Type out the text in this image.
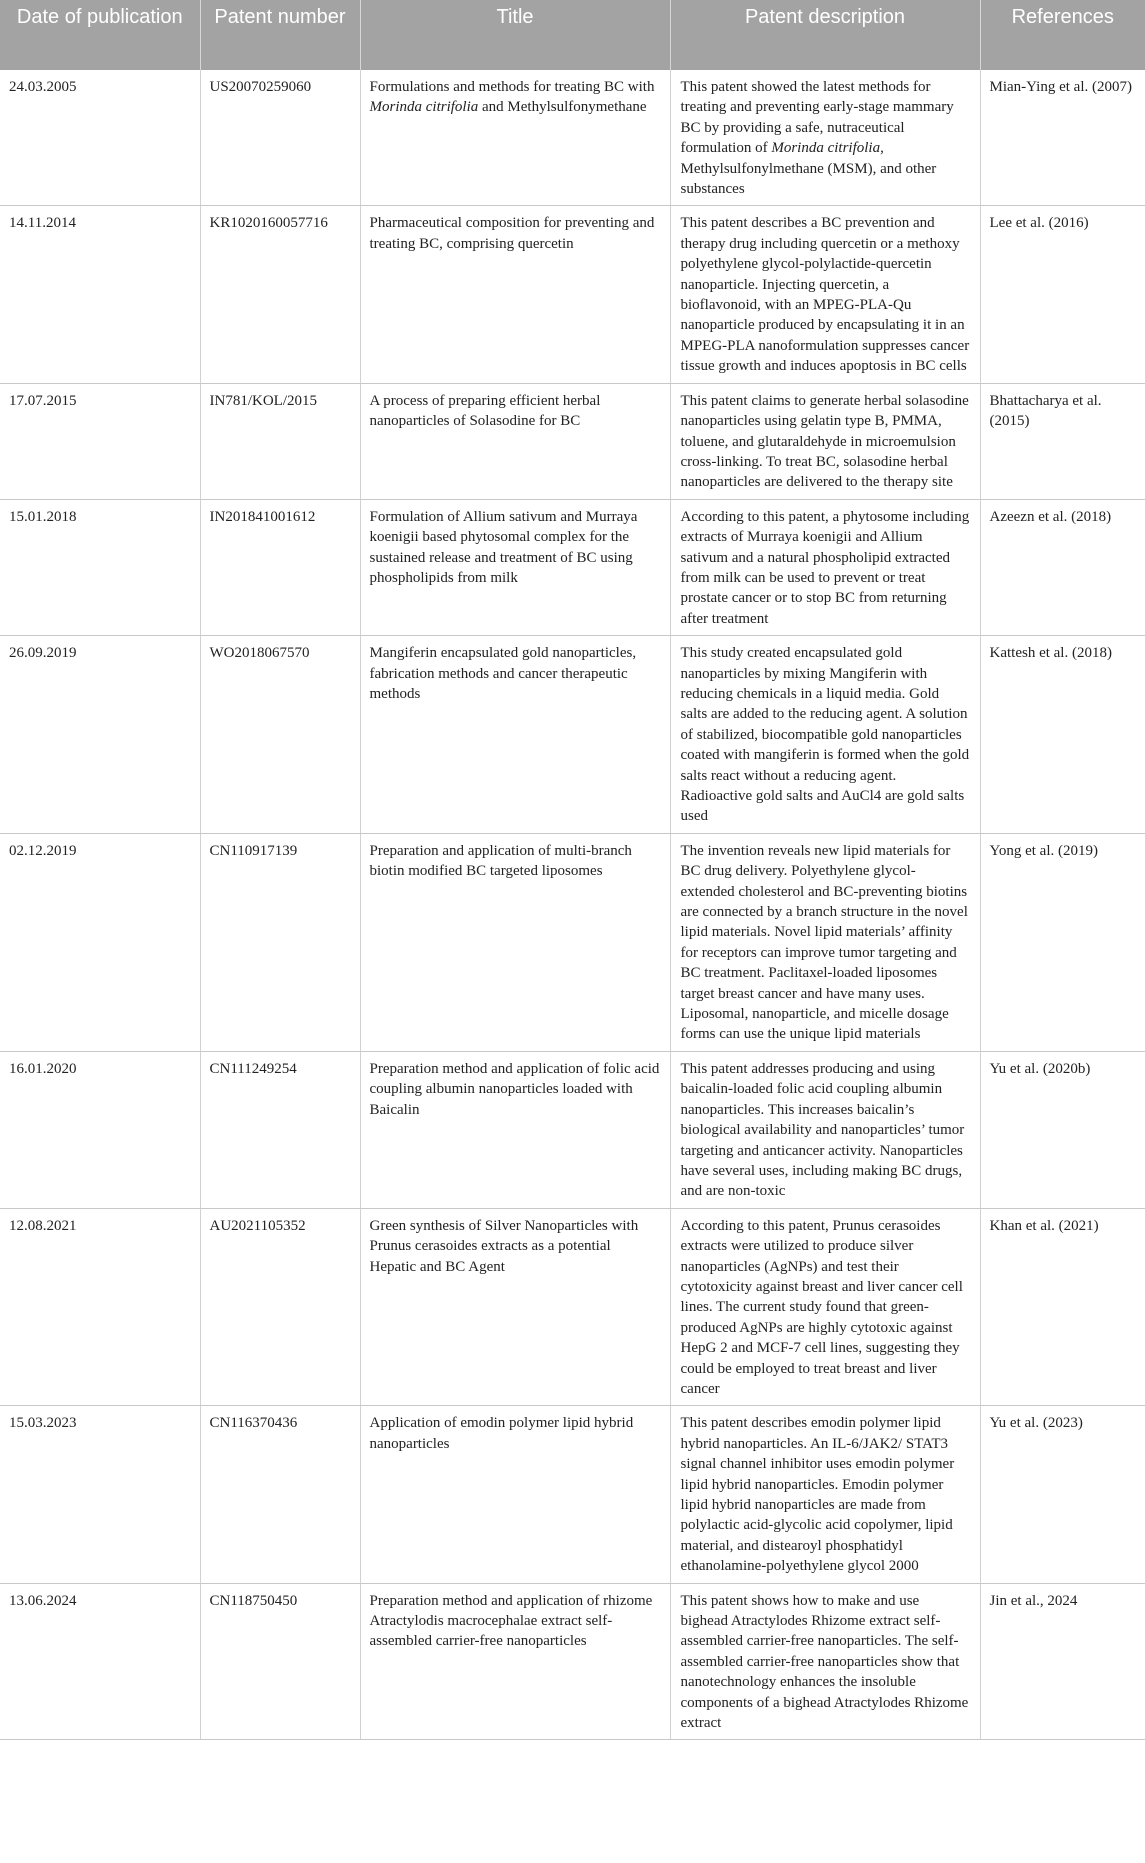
Date of publication	Patent number	Title	Patent description	References
24.03.2005	US20070259060	Formulations and methods for treating BC with Morinda citrifolia and Methylsulfonymethane	This patent showed the latest methods for treating and preventing early-stage mammary BC by providing a safe, nutraceutical formulation of Morinda citrifolia, Methylsulfonylmethane (MSM), and other substances	Mian-Ying et al. (2007)
14.11.2014	KR1020160057716	Pharmaceutical composition for preventing and treating BC, comprising quercetin	This patent describes a BC prevention and therapy drug including quercetin or a methoxy polyethylene glycol-polylactide-quercetin nanoparticle. Injecting quercetin, a bioflavonoid, with an MPEG-PLA-Qu nanoparticle produced by encapsulating it in an MPEG-PLA nanoformulation suppresses cancer tissue growth and induces apoptosis in BC cells	Lee et al. (2016)
17.07.2015	IN781/KOL/2015	A process of preparing efficient herbal nanoparticles of Solasodine for BC	This patent claims to generate herbal solasodine nanoparticles using gelatin type B, PMMA, toluene, and glutaraldehyde in microemulsion cross-linking. To treat BC, solasodine herbal nanoparticles are delivered to the therapy site	Bhattacharya et al. (2015)
15.01.2018	IN201841001612	Formulation of Allium sativum and Murraya koenigii based phytosomal complex for the sustained release and treatment of BC using phospholipids from milk	According to this patent, a phytosome including extracts of Murraya koenigii and Allium sativum and a natural phospholipid extracted from milk can be used to prevent or treat prostate cancer or to stop BC from returning after treatment	Azeezn et al. (2018)
26.09.2019	WO2018067570	Mangiferin encapsulated gold nanoparticles, fabrication methods and cancer therapeutic methods	This study created encapsulated gold nanoparticles by mixing Mangiferin with reducing chemicals in a liquid media. Gold salts are added to the reducing agent. A solution of stabilized, biocompatible gold nanoparticles coated with mangiferin is formed when the gold salts react without a reducing agent. Radioactive gold salts and AuCl4 are gold salts used	Kattesh et al. (2018)
02.12.2019	CN110917139	Preparation and application of multi-branch biotin modified BC targeted liposomes	The invention reveals new lipid materials for BC drug delivery. Polyethylene glycol-extended cholesterol and BC-preventing biotins are connected by a branch structure in the novel lipid materials. Novel lipid materials’ affinity for receptors can improve tumor targeting and BC treatment. Paclitaxel-loaded liposomes target breast cancer and have many uses. Liposomal, nanoparticle, and micelle dosage forms can use the unique lipid materials	Yong et al. (2019)
16.01.2020	CN111249254	Preparation method and application of folic acid coupling albumin nanoparticles loaded with Baicalin	This patent addresses producing and using baicalin-loaded folic acid coupling albumin nanoparticles. This increases baicalin’s biological availability and nanoparticles’ tumor targeting and anticancer activity. Nanoparticles have several uses, including making BC drugs, and are non-toxic	Yu et al. (2020b)
12.08.2021	AU2021105352	Green synthesis of Silver Nanoparticles with Prunus cerasoides extracts as a potential Hepatic and BC Agent	According to this patent, Prunus cerasoides extracts were utilized to produce silver nanoparticles (AgNPs) and test their cytotoxicity against breast and liver cancer cell lines. The current study found that green-produced AgNPs are highly cytotoxic against HepG 2 and MCF-7 cell lines, suggesting they could be employed to treat breast and liver cancer	Khan et al. (2021)
15.03.2023	CN116370436	Application of emodin polymer lipid hybrid nanoparticles	This patent describes emodin polymer lipid hybrid nanoparticles. An IL-6/JAK2/ STAT3 signal channel inhibitor uses emodin polymer lipid hybrid nanoparticles. Emodin polymer lipid hybrid nanoparticles are made from polylactic acid-glycolic acid copolymer, lipid material, and distearoyl phosphatidyl ethanolamine-polyethylene glycol 2000	Yu et al. (2023)
13.06.2024	CN118750450	Preparation method and application of rhizome Atractylodis macrocephalae extract self-assembled carrier-free nanoparticles	This patent shows how to make and use bighead Atractylodes Rhizome extract self-assembled carrier-free nanoparticles. The self-assembled carrier-free nanoparticles show that nanotechnology enhances the insoluble components of a bighead Atractylodes Rhizome extract	Jin et al., 2024
